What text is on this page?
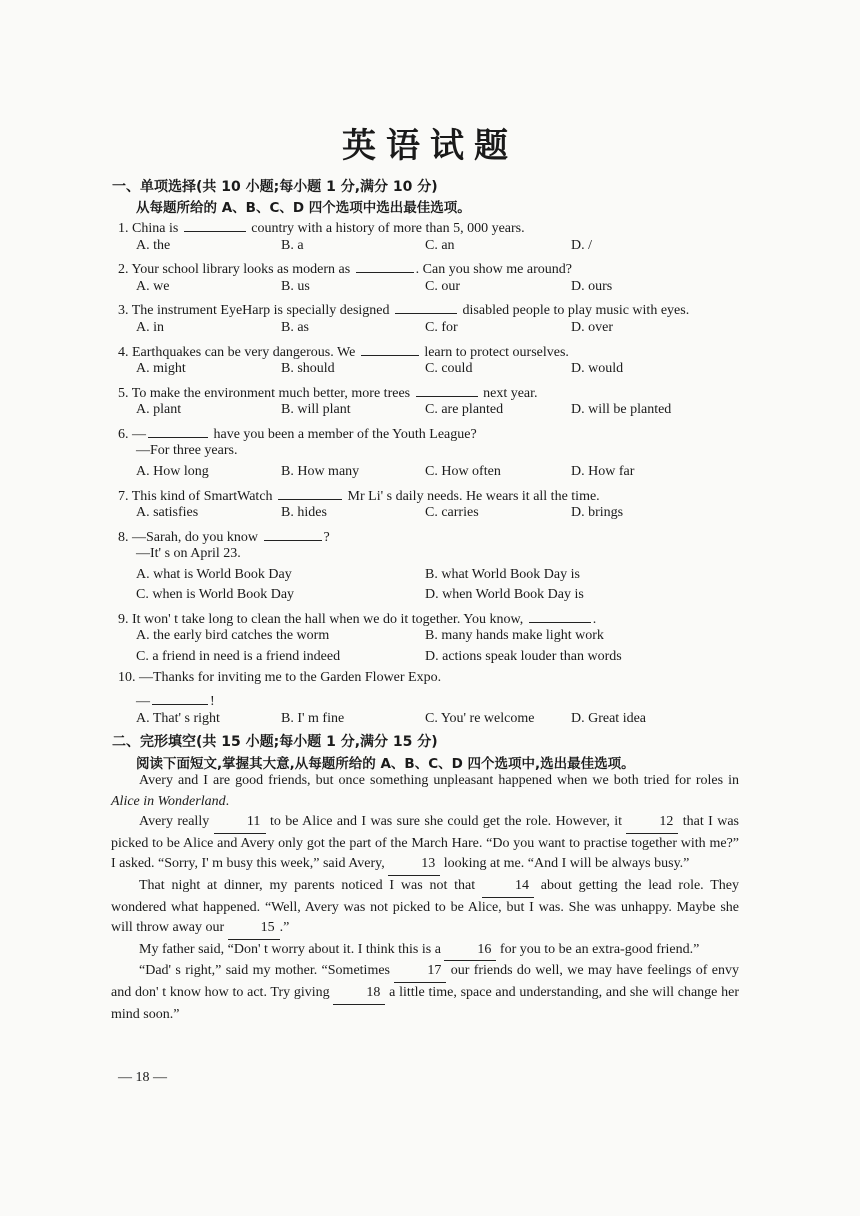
英语试题
一、单项选择(共 10 小题;每小题 1 分,满分 10 分)
从每题所给的 A、B、C、D 四个选项中选出最佳选项。
1. China is	country with a history of more than 5, 000 years.
A. the	B. a	C. an	D. /
2. Your school library looks as modern as	. Can you show me around?
A. we	B. us	C. our	D. ours
3. The instrument EyeHarp is specially designed	disabled people to play music with eyes.
A. in	B. as	C. for	D. over
4. Earthquakes can be very dangerous. We	learn to protect ourselves.
A. might	B. should	C. could	D. would
5. To make the environment much better, more trees	next year.
A. plant	B. will plant	C. are planted	D. will be planted
6. —	have you been a member of the Youth League?
—For three years.
A. How long	B. How many	C. How often	D. How far
7. This kind of SmartWatch	Mr Li' s daily needs. He wears it all the time.
A. satisfies	B. hides	C. carries	D. brings
8. —Sarah, do you know	?
—It' s on April 23.
A. what is World Book Day	B. what World Book Day is
C. when is World Book Day	D. when World Book Day is
9. It won' t take long to clean the hall when we do it together. You know,	.
A. the early bird catches the worm	B. many hands make light work
C. a friend in need is a friend indeed	D. actions speak louder than words
10. —Thanks for inviting me to the Garden Flower Expo.
—	!
A. That' s right	B. I' m fine	C. You' re welcome	D. Great idea
二、完形填空(共 15 小题;每小题 1 分,满分 15 分)
阅读下面短文,掌握其大意,从每题所给的 A、B、C、D 四个选项中,选出最佳选项。

Avery and I are good friends, but once something unpleasant happened when we both tried for roles in Alice in Wonderland.

Avery really 11 to be Alice and I was sure she could get the role. However, it 12 that I was picked to be Alice and Avery only got the part of the March Hare. “Do you want to practise together with me?” I asked. “Sorry, I' m busy this week,” said Avery, 13 looking at me. “And I will be always busy.”

That night at dinner, my parents noticed I was not that 14 about getting the lead role. They wondered what happened. “Well, Avery was not picked to be Alice, but I was. She was unhappy. Maybe she will throw away our 15 .”

My father said, “Don' t worry about it. I think this is a 16 for you to be an extra-good friend.”

“Dad' s right,” said my mother. “Sometimes 17 our friends do well, we may have feelings of envy and don' t know how to act. Try giving 18 a little time, space and understanding, and she will change her mind soon.”

— 18 —
